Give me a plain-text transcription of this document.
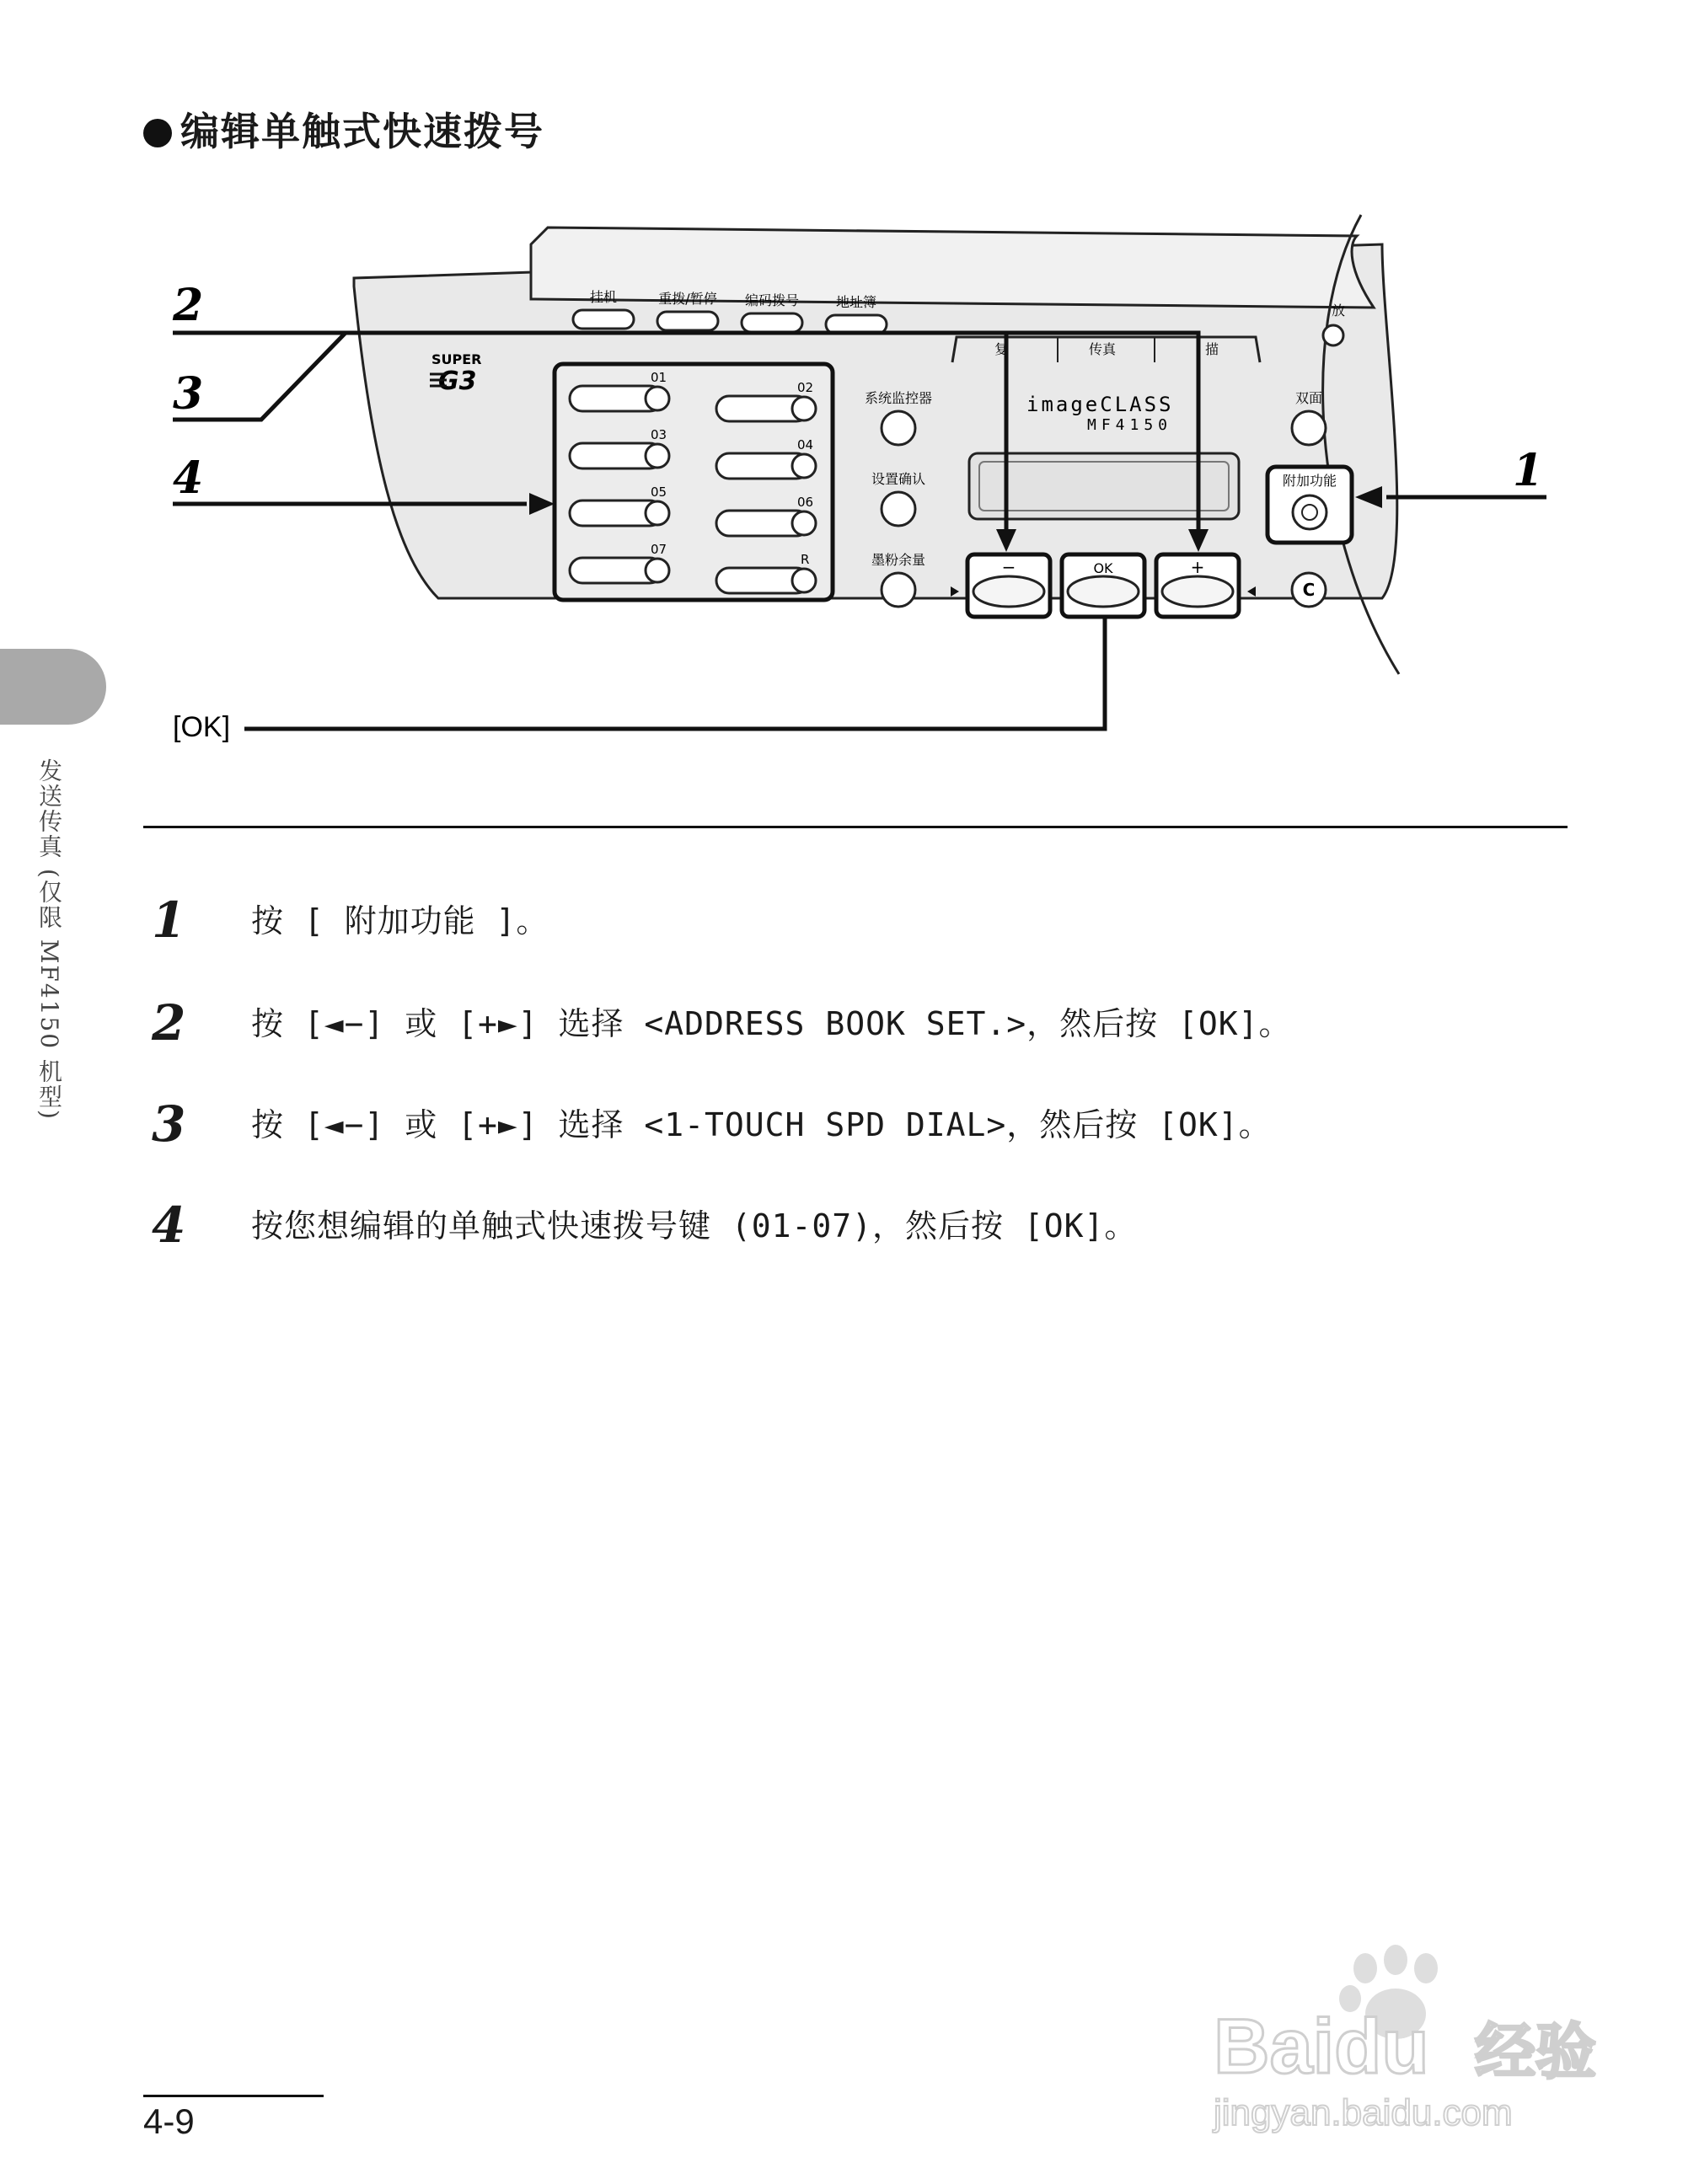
编辑单触式快速拨号
挂机	重拨/暂停 编码拨号	地址簿
放
复	传真	描
SUPER
G3	01
02
03
04
05
06
07
R
系统监控器
设置确认
墨粉余量
imageCLASS
MF4150
−	OK	+
双面
附加功能
C
2
3
4	1
[OK]
1 按 [ 附加功能 ]。
2 按 [◄−] 或 [+►] 选择 <ADDRESS BOOK SET.>，然后按 [OK]。
3 按 [◄−] 或 [+►] 选择 <1-TOUCH SPD DIAL>，然后按 [OK]。
4 按您想编辑的单触式快速拨号键 (01-07)，然后按 [OK]。
发送传真 (仅限 MF4150 机型)
4-9
Baidu 经验
jingyan.baidu.com
